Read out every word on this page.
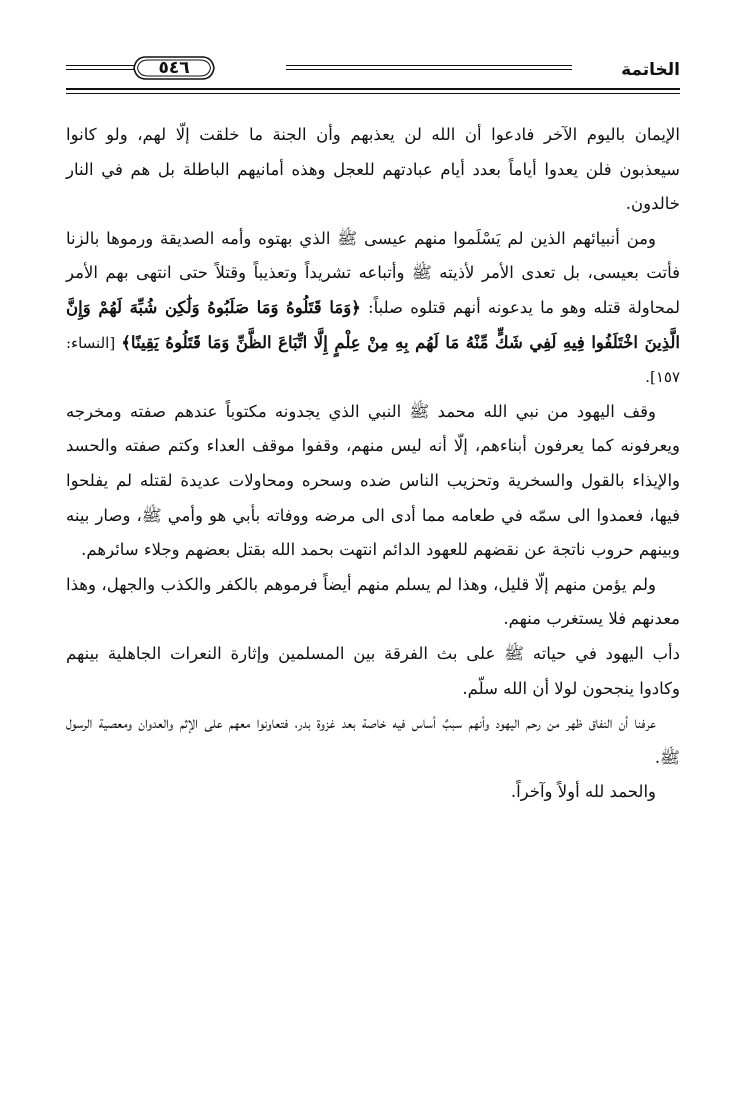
الخاتمة
٥٤٦

الإيمان باليوم الآخر فادعوا أن الله لن يعذبهم وأن الجنة ما خلقت إلّا لهم، ولو كانوا سيعذبون فلن يعدوا أياماً بعدد أيام عبادتهم للعجل وهذه أمانيهم الباطلة بل هم في النار خالدون.

ومن أنبيائهم الذين لم يَسْلَموا منهم عيسى ﷺ الذي بهتوه وأمه الصديقة ورموها بالزنا فأتت بعيسى، بل تعدى الأمر لأذيته ﷺ وأتباعه تشريداً وتعذيباً وقتلاً حتى انتهى بهم الأمر لمحاولة قتله وهو ما يدعونه أنهم قتلوه صلباً: ﴿وَمَا قَتَلُوهُ وَمَا صَلَبُوهُ وَلَٰكِن شُبِّهَ لَهُمْ وَإِنَّ الَّذِينَ اخْتَلَفُوا فِيهِ لَفِي شَكٍّ مِّنْهُ مَا لَهُم بِهِ مِنْ عِلْمٍ إِلَّا اتِّبَاعَ الظَّنِّ وَمَا قَتَلُوهُ يَقِينًا﴾ [النساء: ١٥٧].

وقف اليهود من نبي الله محمد ﷺ النبي الذي يجدونه مكتوباً عندهم صفته ومخرجه ويعرفونه كما يعرفون أبناءهم، إلّا أنه ليس منهم، وقفوا موقف العداء وكتم صفته والحسد والإيذاء بالقول والسخرية وتحزيب الناس ضده وسحره ومحاولات عديدة لقتله لم يفلحوا فيها، فعمدوا الى سمّه في طعامه مما أدى الى مرضه ووفاته بأبي هو وأمي ﷺ، وصار بينه وبينهم حروب ناتجة عن نقضهم للعهود الدائم انتهت بحمد الله بقتل بعضهم وجلاء سائرهم.

ولم يؤمن منهم إلّا قليل، وهذا لم يسلم منهم أيضاً فرموهم بالكفر والكذب والجهل، وهذا معدنهم فلا يستغرب منهم.

دأب اليهود في حياته ﷺ على بث الفرقة بين المسلمين وإثارة النعرات الجاهلية بينهم وكادوا ينجحون لولا أن الله سلّم.

عرفنا أن النفاق ظهر من رحم اليهود وأنهم سببٌ أساس فيه خاصة بعد غزوة بدر، فتعاونوا معهم على الإثم والعدوان ومعصية الرسول ﷺ.

والحمد لله أولاً وآخراً.
